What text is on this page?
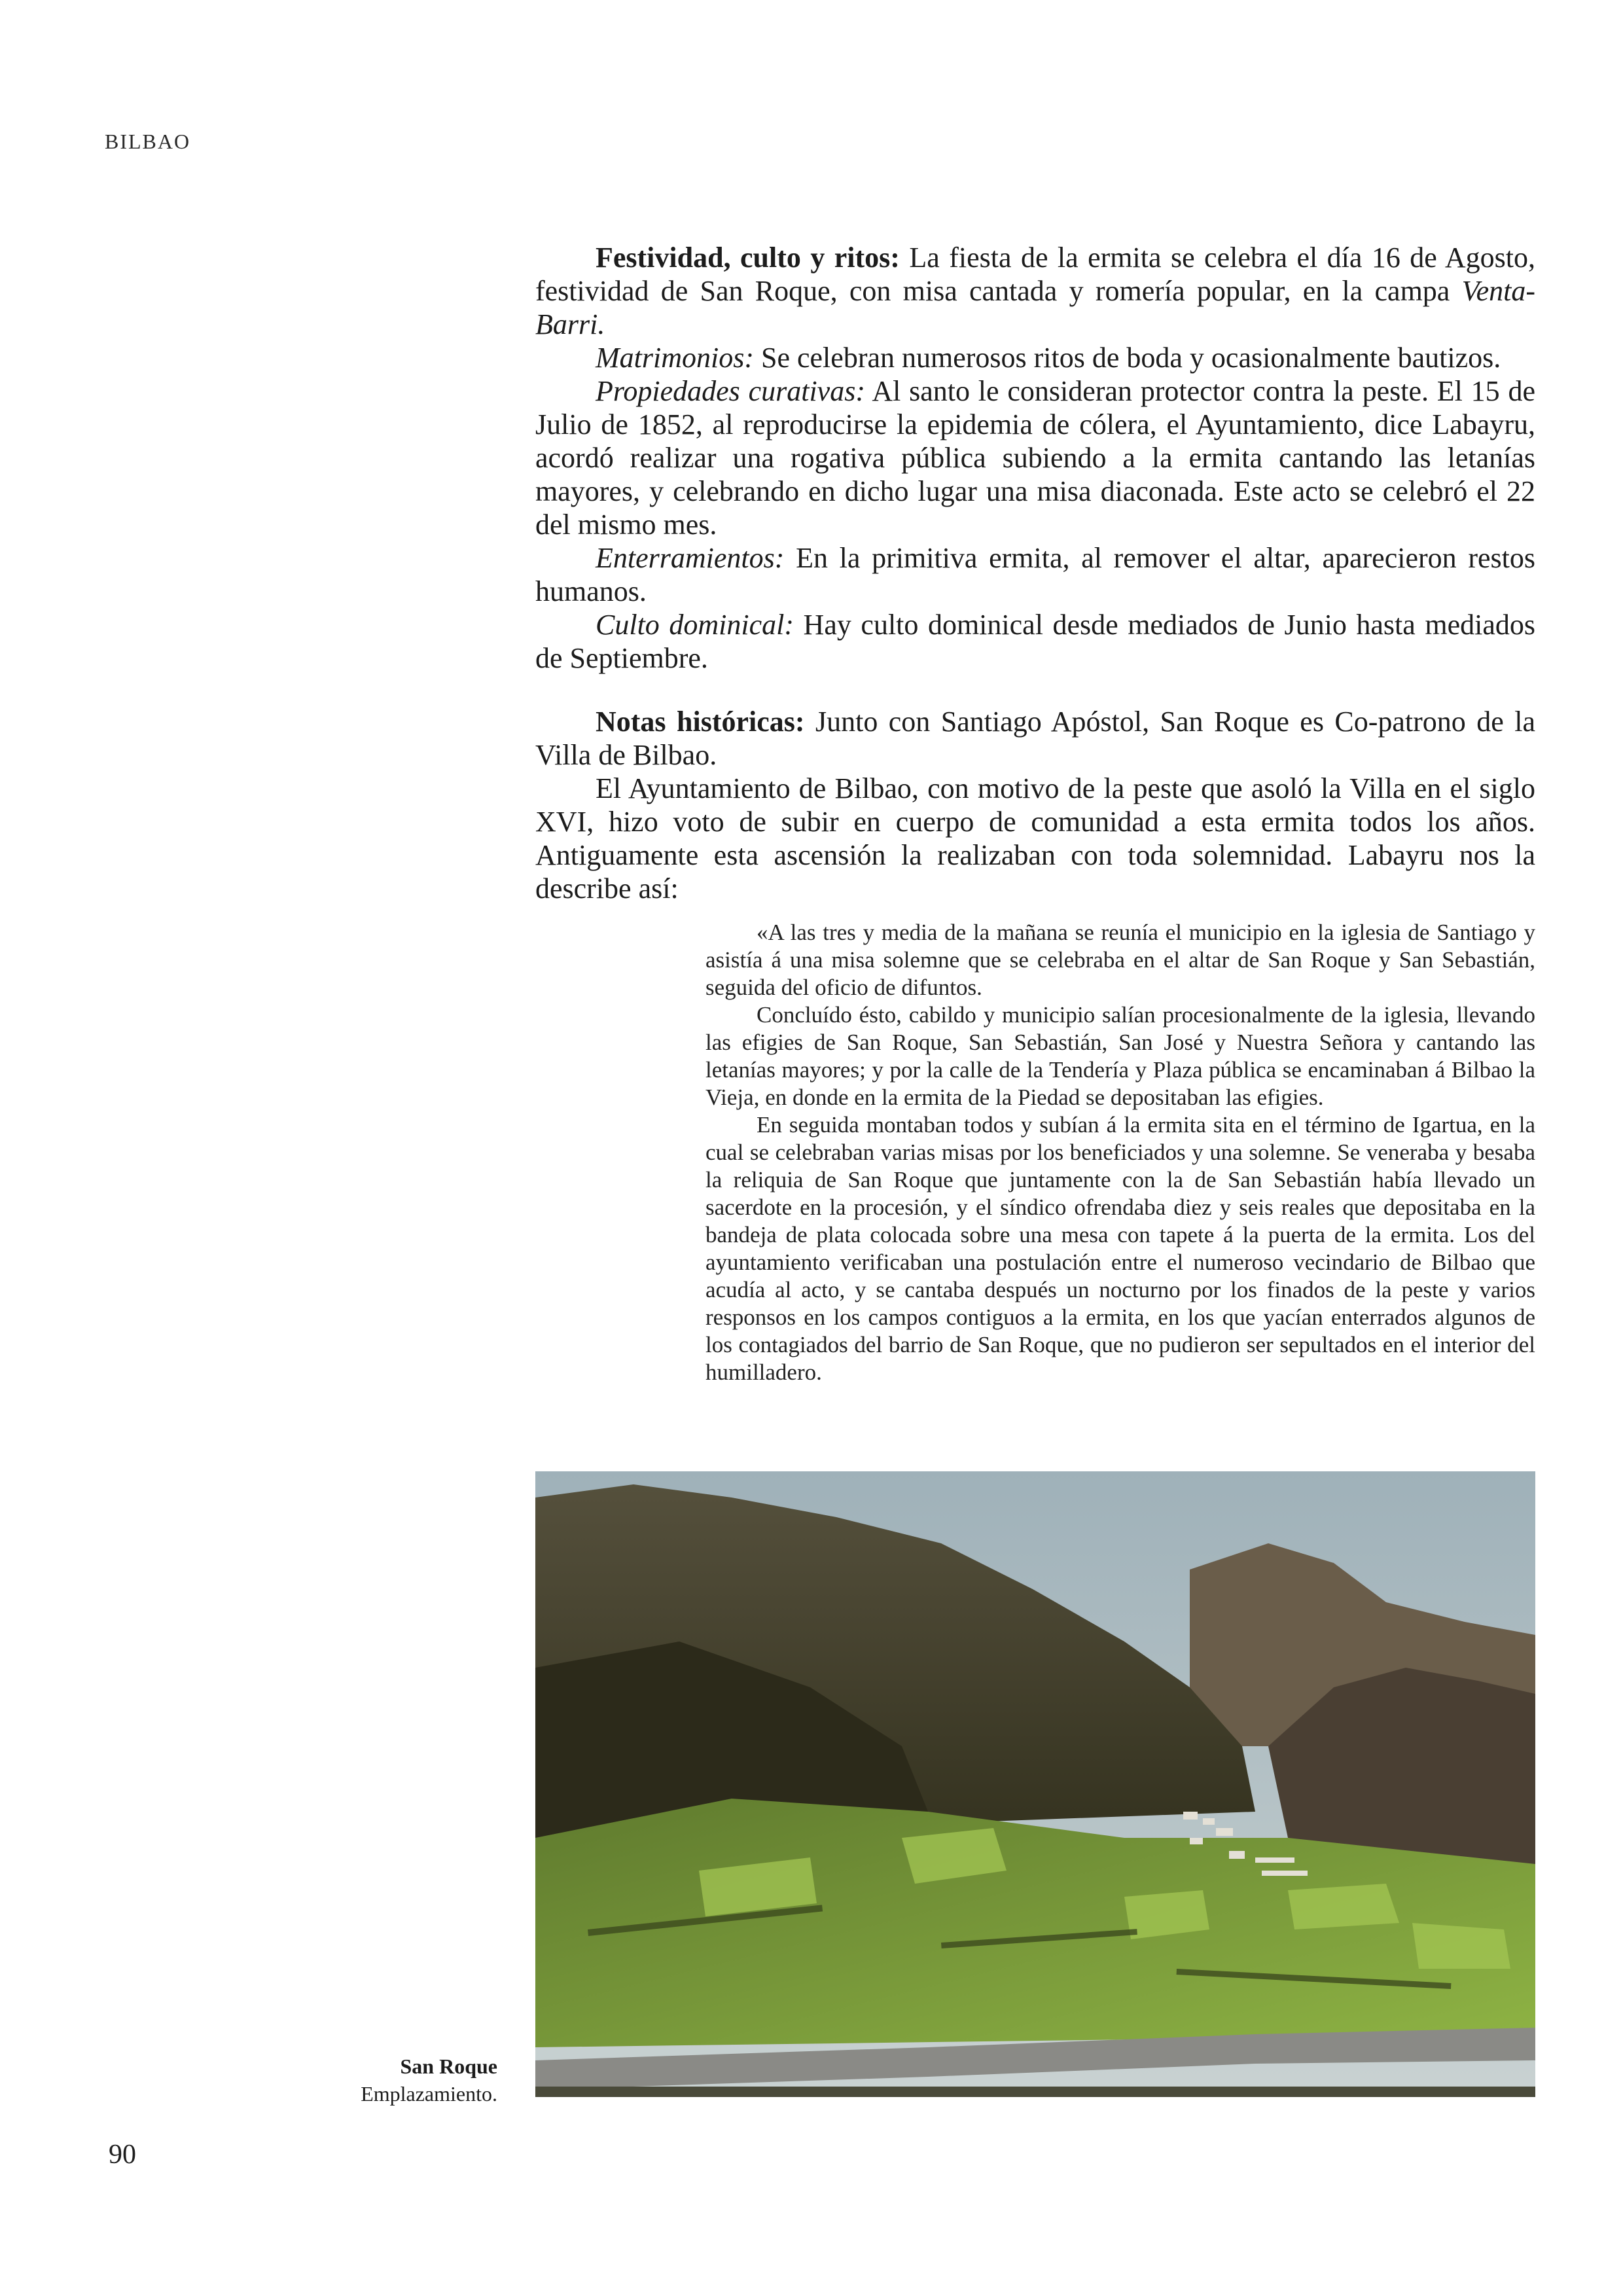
BILBAO

Festividad, culto y ritos: La fiesta de la ermita se celebra el día 16 de Agosto, festividad de San Roque, con misa cantada y romería popular, en la campa Venta-Barri.

Matrimonios: Se celebran numerosos ritos de boda y ocasionalmente bautizos.

Propiedades curativas: Al santo le consideran protector contra la peste. El 15 de Julio de 1852, al reproducirse la epidemia de cólera, el Ayuntamiento, dice Labayru, acordó realizar una rogativa pública subiendo a la ermita cantando las letanías mayores, y celebrando en dicho lugar una misa diaconada. Este acto se celebró el 22 del mismo mes.

Enterramientos: En la primitiva ermita, al remover el altar, aparecieron restos humanos.

Culto dominical: Hay culto dominical desde mediados de Junio hasta mediados de Septiembre.

Notas históricas: Junto con Santiago Apóstol, San Roque es Co-patrono de la Villa de Bilbao.

El Ayuntamiento de Bilbao, con motivo de la peste que asoló la Villa en el siglo XVI, hizo voto de subir en cuerpo de comunidad a esta ermita todos los años. Antiguamente esta ascensión la realizaban con toda solemnidad. Labayru nos la describe así:

«A las tres y media de la mañana se reunía el municipio en la iglesia de Santiago y asistía á una misa solemne que se celebraba en el altar de San Roque y San Sebastián, seguida del oficio de difuntos.

Concluído ésto, cabildo y municipio salían procesionalmente de la iglesia, llevando las efigies de San Roque, San Sebastián, San José y Nuestra Señora y cantando las letanías mayores; y por la calle de la Tendería y Plaza pública se encaminaban á Bilbao la Vieja, en donde en la ermita de la Piedad se depositaban las efigies.

En seguida montaban todos y subían á la ermita sita en el término de Igartua, en la cual se celebraban varias misas por los beneficiados y una solemne. Se veneraba y besaba la reliquia de San Roque que juntamente con la de San Sebastián había llevado un sacerdote en la procesión, y el síndico ofrendaba diez y seis reales que depositaba en la bandeja de plata colocada sobre una mesa con tapete á la puerta de la ermita. Los del ayuntamiento verificaban una postulación entre el numeroso vecindario de Bilbao que acudía al acto, y se cantaba después un nocturno por los finados de la peste y varios responsos en los campos contiguos a la ermita, en los que yacían enterrados algunos de los contagiados del barrio de San Roque, que no pudieron ser sepultados en el interior del humilladero.

San Roque
Emplazamiento.
90
